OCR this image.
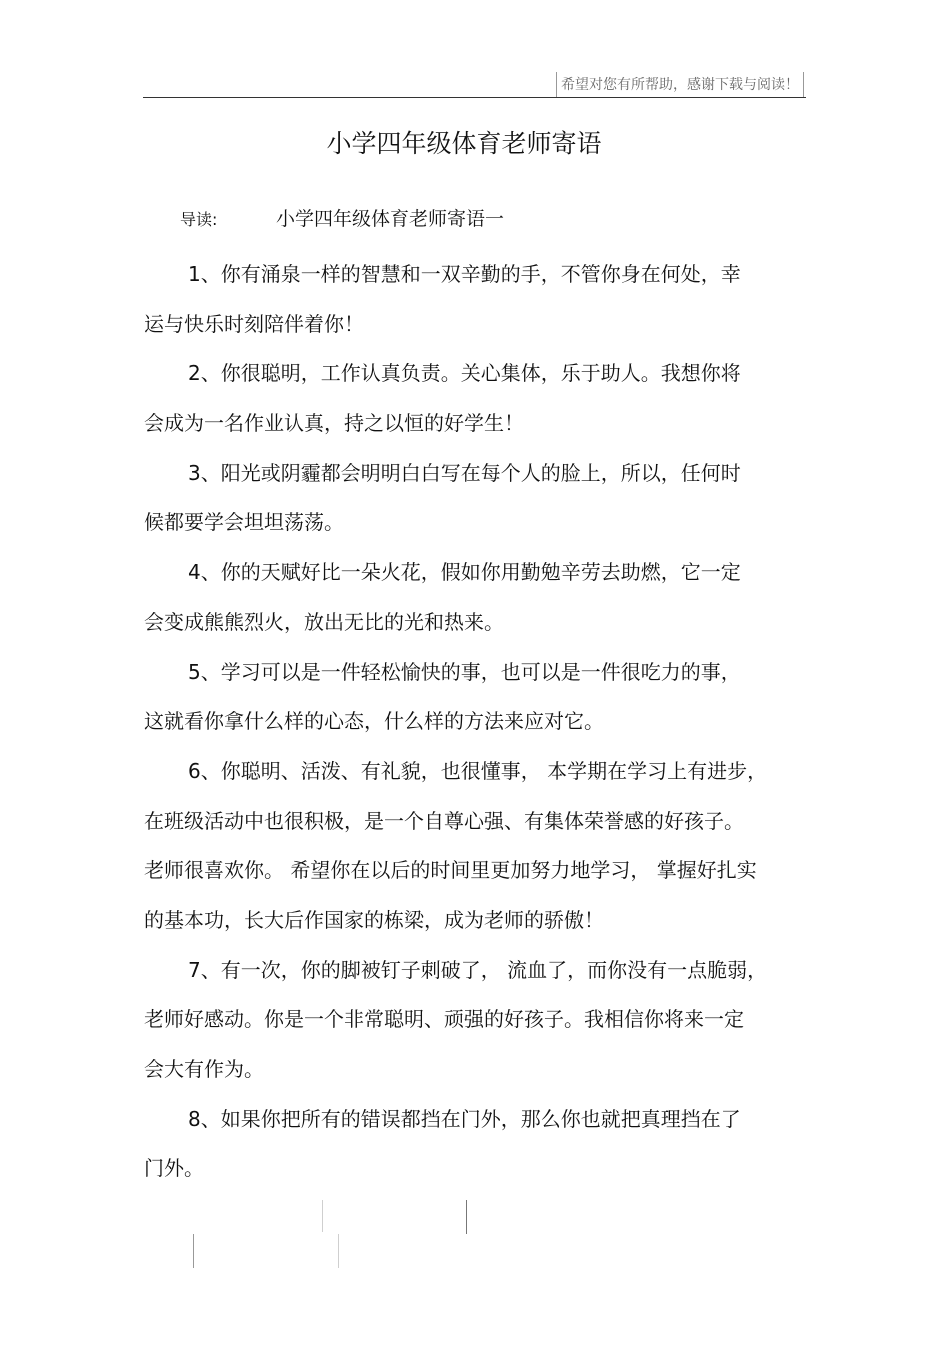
希望对您有所帮助，感谢下载与阅读！
小学四年级体育老师寄语
导读:	小学四年级体育老师寄语一
1、你有涌泉一样的智慧和一双辛勤的手，不管你身在何处，幸
运与快乐时刻陪伴着你！
2、你很聪明，工作认真负责。关心集体，乐于助人。我想你将
会成为一名作业认真，持之以恒的好学生！
3、阳光或阴霾都会明明白白写在每个人的脸上，所以，任何时
候都要学会坦坦荡荡。
4、你的天赋好比一朵火花，假如你用勤勉辛劳去助燃，它一定
会变成熊熊烈火，放出无比的光和热来。
5、学习可以是一件轻松愉快的事，也可以是一件很吃力的事，
这就看你拿什么样的心态，什么样的方法来应对它。
6、你聪明、活泼、有礼貌，也很懂事， 本学期在学习上有进步，
在班级活动中也很积极，是一个自尊心强、有集体荣誉感的好孩子。
老师很喜欢你。 希望你在以后的时间里更加努力地学习， 掌握好扎实
的基本功，长大后作国家的栋梁，成为老师的骄傲！
7、有一次，你的脚被钉子刺破了， 流血了，而你没有一点脆弱，
老师好感动。你是一个非常聪明、顽强的好孩子。我相信你将来一定
会大有作为。
8、如果你把所有的错误都挡在门外，那么你也就把真理挡在了
门外。
